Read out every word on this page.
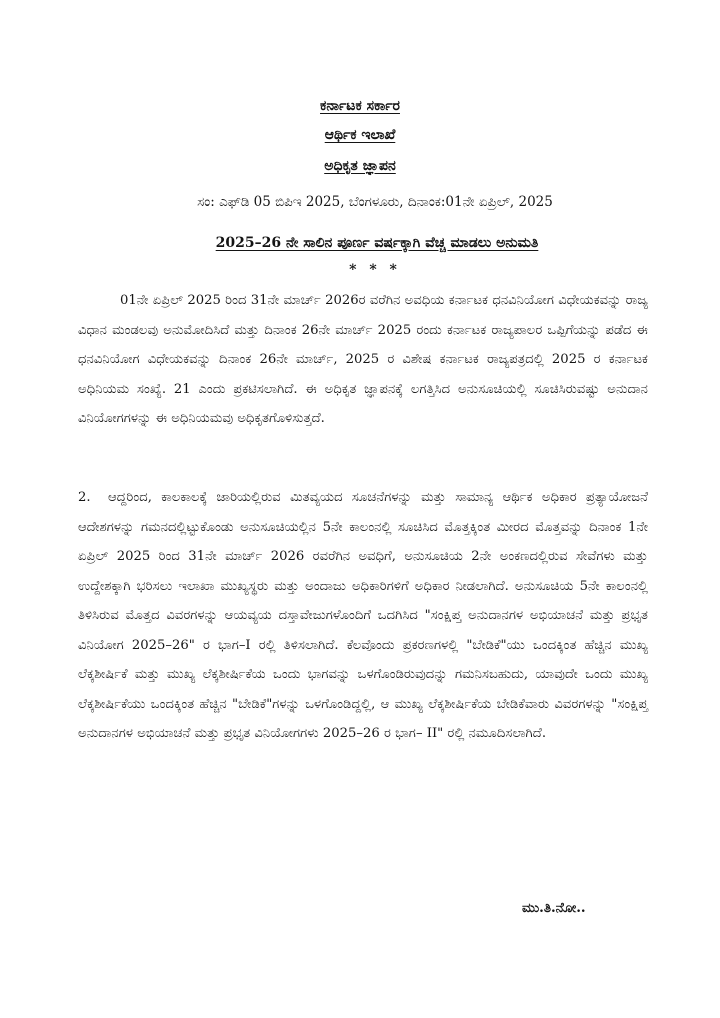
ಕರ್ನಾಟಕ ಸರ್ಕಾರ
ಆರ್ಥಿಕ ಇಲಾಖೆ
ಅಧಿಕೃತ ಜ್ಞಾಪನ
ಸಂ: ಎಫ್‌ಡಿ 05 ಬಿಪಿಇ 2025, ಬೆಂಗಳೂರು, ದಿನಾಂಕ:01ನೇ ಏಪ್ರಿಲ್, 2025
2025–26 ನೇ ಸಾಲಿನ ಪೂರ್ಣ ವರ್ಷಕ್ಕಾಗಿ ವೆಚ್ಚ ಮಾಡಲು ಅನುಮತಿ
* * *

01ನೇ ಏಪ್ರಿಲ್ 2025 ರಿಂದ 31ನೇ ಮಾರ್ಚ್ 2026ರ ವರೆಗಿನ ಅವಧಿಯ ಕರ್ನಾಟಕ ಧನವಿನಿಯೋಗ ವಿಧೇಯಕವನ್ನು ರಾಜ್ಯ ವಿಧಾನ ಮಂಡಲವು ಅನುಮೋದಿಸಿದೆ ಮತ್ತು ದಿನಾಂಕ 26ನೇ ಮಾರ್ಚ್ 2025 ರಂದು ಕರ್ನಾಟಕ ರಾಜ್ಯಪಾಲರ ಒಪ್ಪಿಗೆಯನ್ನು ಪಡೆದ ಈ ಧನವಿನಿಯೋಗ ವಿಧೇಯಕವನ್ನು ದಿನಾಂಕ 26ನೇ ಮಾರ್ಚ್, 2025 ರ ವಿಶೇಷ ಕರ್ನಾಟಕ ರಾಜ್ಯಪತ್ರದಲ್ಲಿ 2025 ರ ಕರ್ನಾಟಕ ಅಧಿನಿಯಮ ಸಂಖ್ಯೆ. 21 ಎಂದು ಪ್ರಕಟಿಸಲಾಗಿದೆ. ಈ ಅಧಿಕೃತ ಜ್ಞಾಪನಕ್ಕೆ ಲಗತ್ತಿಸಿದ ಅನುಸೂಚಿಯಲ್ಲಿ ಸೂಚಿಸಿರುವಷ್ಟು ಅನುದಾನ ವಿನಿಯೋಗಗಳನ್ನು ಈ ಅಧಿನಿಯಮವು ಅಧಿಕೃತಗೊಳಿಸುತ್ತದೆ.

2. ಆದ್ದರಿಂದ, ಕಾಲಕಾಲಕ್ಕೆ ಜಾರಿಯಲ್ಲಿರುವ ಮಿತವ್ಯಯದ ಸೂಚನೆಗಳನ್ನು ಮತ್ತು ಸಾಮಾನ್ಯ ಆರ್ಥಿಕ ಅಧಿಕಾರ ಪ್ರತ್ಯಾಯೋಜನೆ ಆದೇಶಗಳನ್ನು ಗಮನದಲ್ಲಿಟ್ಟುಕೊಂಡು ಅನುಸೂಚಿಯಲ್ಲಿನ 5ನೇ ಕಾಲಂನಲ್ಲಿ ಸೂಚಿಸಿದ ಮೊತ್ತಕ್ಕಿಂತ ಮೀರದ ಮೊತ್ತವನ್ನು ದಿನಾಂಕ 1ನೇ ಏಪ್ರಿಲ್ 2025 ರಿಂದ 31ನೇ ಮಾರ್ಚ್ 2026 ರವರೆಗಿನ ಅವಧಿಗೆ, ಅನುಸೂಚಿಯ 2ನೇ ಅಂಕಣದಲ್ಲಿರುವ ಸೇವೆಗಳು ಮತ್ತು ಉದ್ದೇಶಕ್ಕಾಗಿ ಭರಿಸಲು ಇಲಾಖಾ ಮುಖ್ಯಸ್ಥರು ಮತ್ತು ಅಂದಾಜು ಅಧಿಕಾರಿಗಳಿಗೆ ಅಧಿಕಾರ ನೀಡಲಾಗಿದೆ. ಅನುಸೂಚಿಯ 5ನೇ ಕಾಲಂನಲ್ಲಿ ತಿಳಿಸಿರುವ ಮೊತ್ತದ ವಿವರಗಳನ್ನು ಆಯವ್ಯಯ ದಸ್ತಾವೇಜುಗಳೊಂದಿಗೆ ಒದಗಿಸಿದ "ಸಂಕ್ಷಿಪ್ತ ಅನುದಾನಗಳ ಅಭಿಯಾಚನೆ ಮತ್ತು ಪ್ರಭೃತ ವಿನಿಯೋಗ 2025–26" ರ ಭಾಗ–I ರಲ್ಲಿ ತಿಳಿಸಲಾಗಿದೆ. ಕೆಲವೊಂದು ಪ್ರಕರಣಗಳಲ್ಲಿ "ಬೇಡಿಕೆ"ಯು ಒಂದಕ್ಕಿಂತ ಹೆಚ್ಚಿನ ಮುಖ್ಯ ಲೆಕ್ಕಶೀರ್ಷಿಕೆ ಮತ್ತು ಮುಖ್ಯ ಲೆಕ್ಕಶೀರ್ಷಿಕೆಯ ಒಂದು ಭಾಗವನ್ನು ಒಳಗೊಂಡಿರುವುದನ್ನು ಗಮನಿಸಬಹುದು, ಯಾವುದೇ ಒಂದು ಮುಖ್ಯ ಲೆಕ್ಕಶೀರ್ಷಿಕೆಯು ಒಂದಕ್ಕಿಂತ ಹೆಚ್ಚಿನ "ಬೇಡಿಕೆ"ಗಳನ್ನು ಒಳಗೊಂಡಿದ್ದಲ್ಲಿ, ಆ ಮುಖ್ಯ ಲೆಕ್ಕಶೀರ್ಷಿಕೆಯ ಬೇಡಿಕೆವಾರು ವಿವರಗಳನ್ನು "ಸಂಕ್ಷಿಪ್ತ ಅನುದಾನಗಳ ಅಭಿಯಾಚನೆ ಮತ್ತು ಪ್ರಭೃತ ವಿನಿಯೋಗಗಳು 2025–26 ರ ಭಾಗ– II" ರಲ್ಲಿ ನಮೂದಿಸಲಾಗಿದೆ.

ಮು.ತಿ.ನೋ..
